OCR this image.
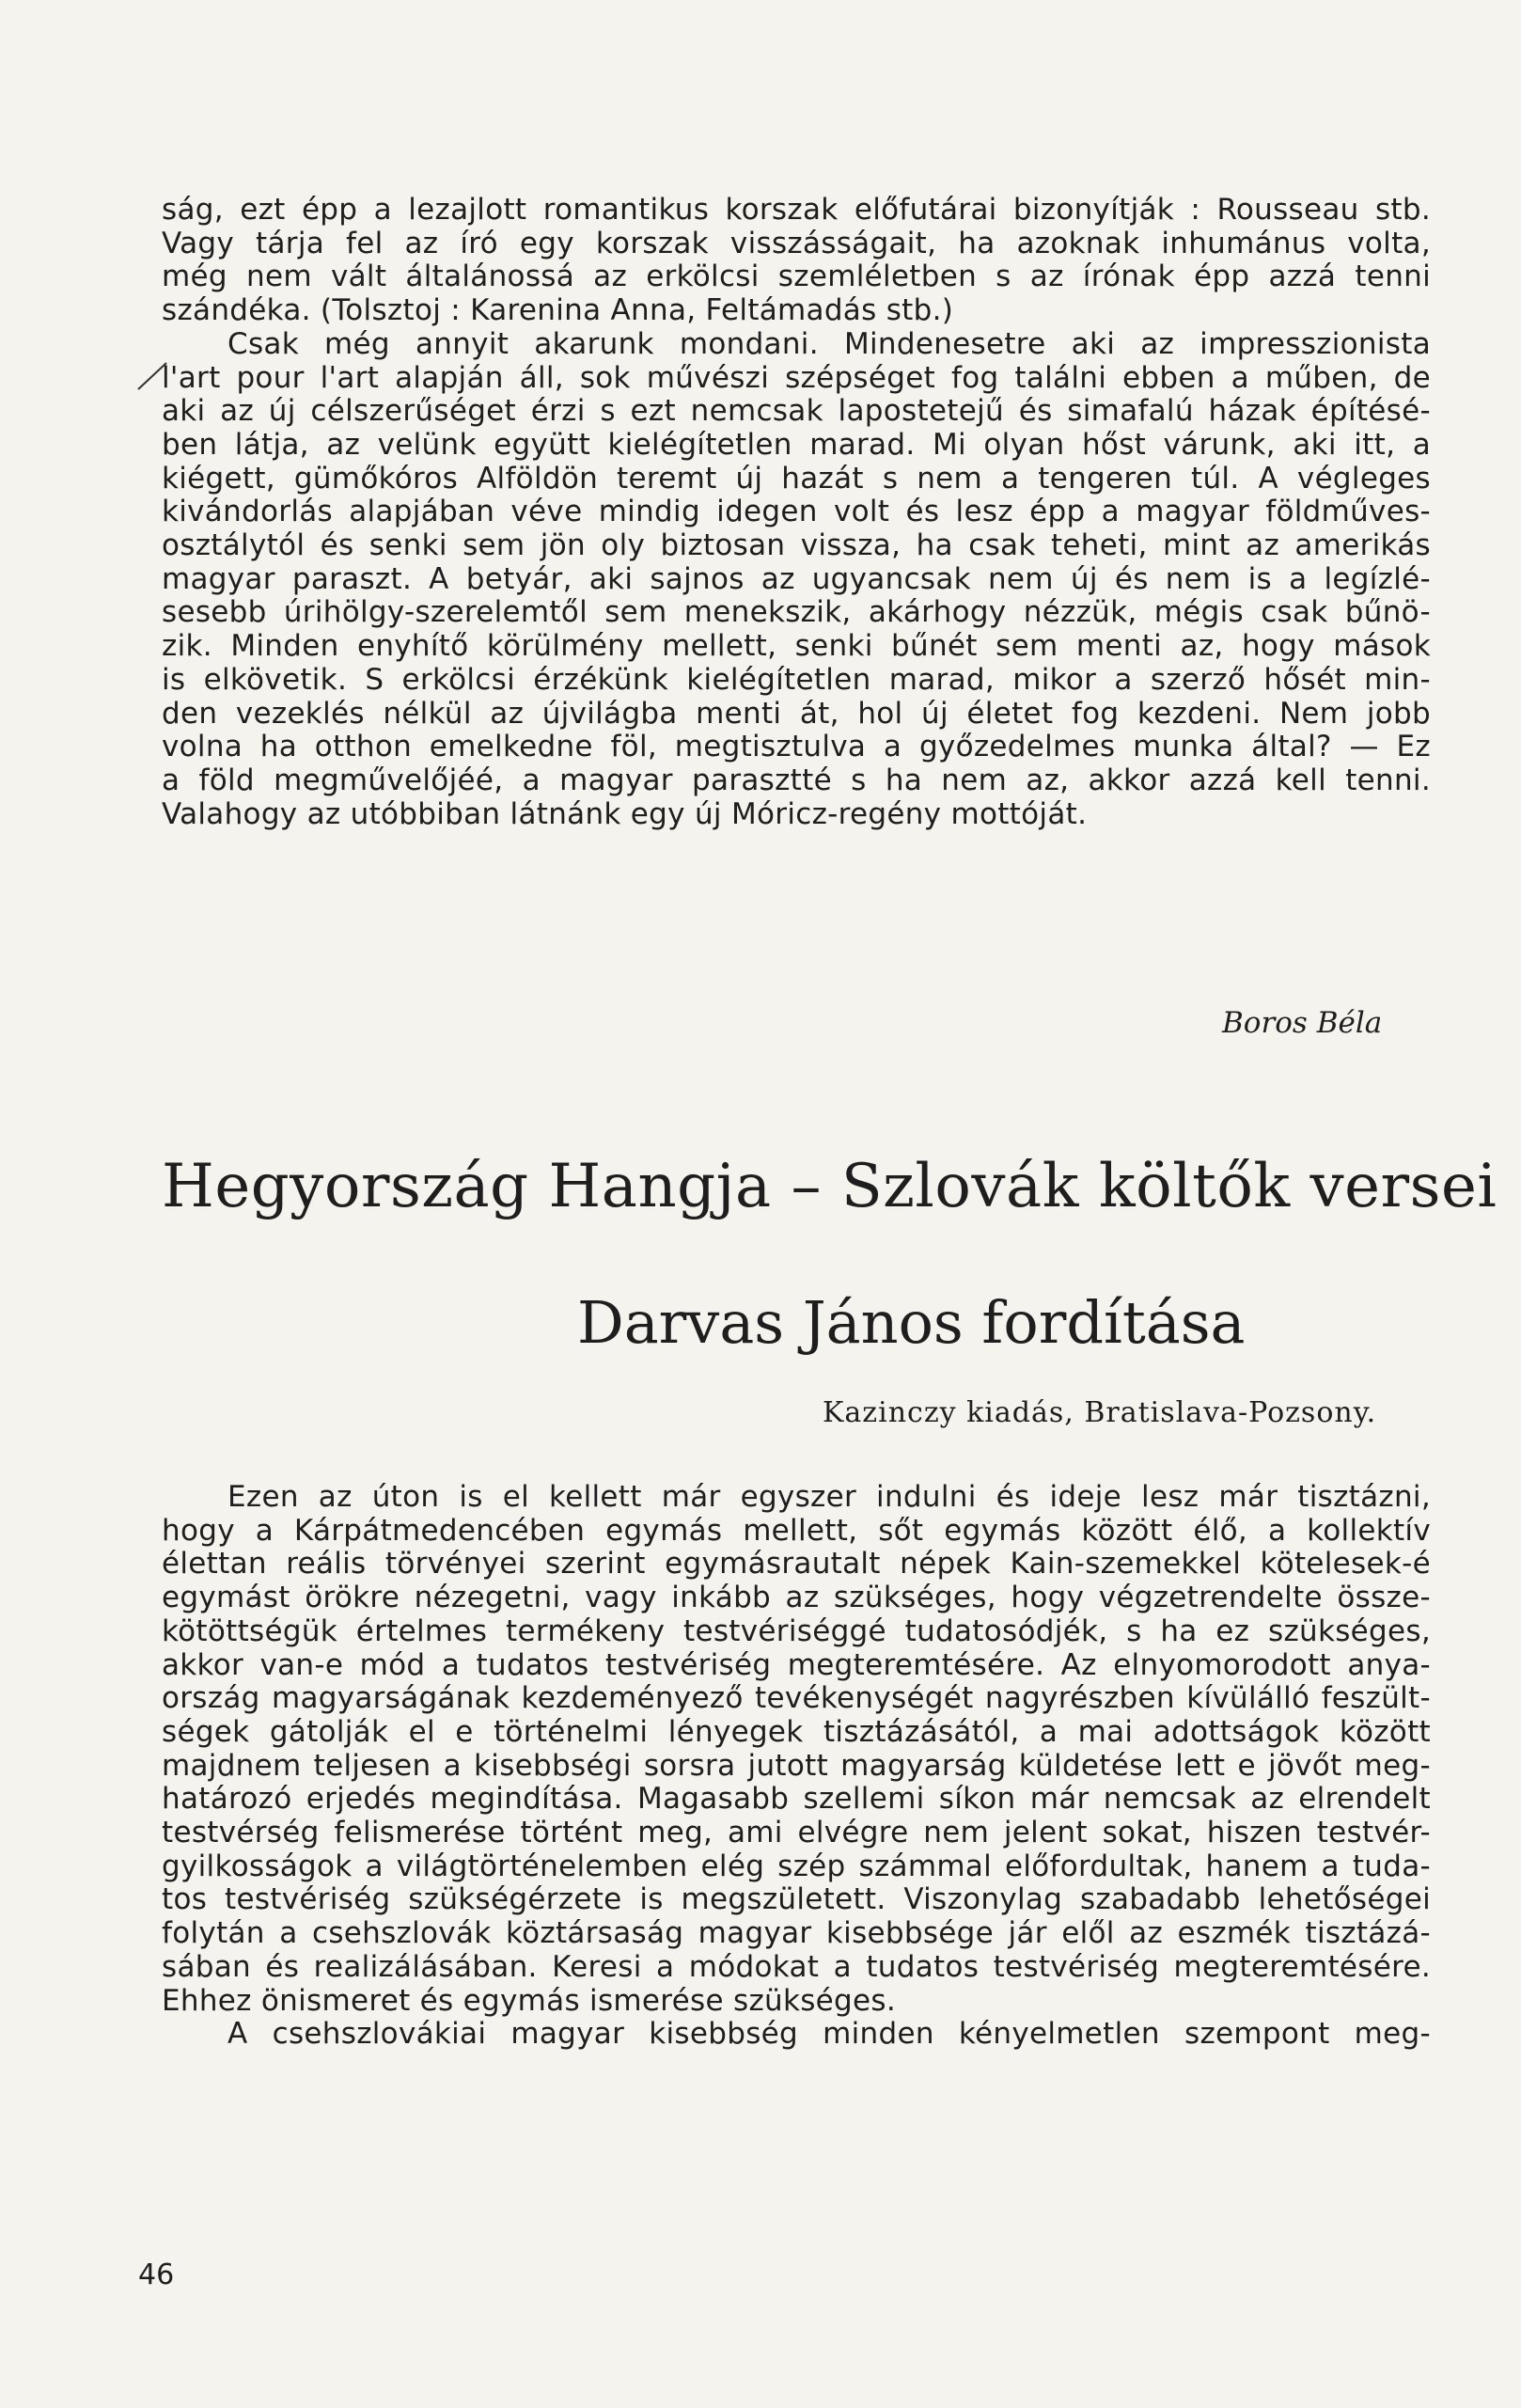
ság, ezt épp a lezajlott romantikus korszak előfutárai bizonyítják : Rousseau stb.
Vagy tárja fel az író egy korszak visszásságait, ha azoknak inhumánus volta,
még nem vált általánossá az erkölcsi szemléletben s az írónak épp azzá tenni
szándéka. (Tolsztoj : Karenina Anna, Feltámadás stb.)
Csak még annyit akarunk mondani. Mindenesetre aki az impresszionista
l'art pour l'art alapján áll, sok művészi szépséget fog találni ebben a műben, de
aki az új célszerűséget érzi s ezt nemcsak lapostetejű és simafalú házak építésé-
ben látja, az velünk együtt kielégítetlen marad. Mi olyan hőst várunk, aki itt, a
kiégett, gümőkóros Alföldön teremt új hazát s nem a tengeren túl. A végleges
kivándorlás alapjában véve mindig idegen volt és lesz épp a magyar földműves-
osztálytól és senki sem jön oly biztosan vissza, ha csak teheti, mint az amerikás
magyar paraszt. A betyár, aki sajnos az ugyancsak nem új és nem is a legízlé-
sesebb úrihölgy-szerelemtől sem menekszik, akárhogy nézzük, mégis csak bűnö-
zik. Minden enyhítő körülmény mellett, senki bűnét sem menti az, hogy mások
is elkövetik. S erkölcsi érzékünk kielégítetlen marad, mikor a szerző hősét min-
den vezeklés nélkül az újvilágba menti át, hol új életet fog kezdeni. Nem jobb
volna ha otthon emelkedne föl, megtisztulva a győzedelmes munka által? — Ez
a föld megművelőjéé, a magyar parasztté s ha nem az, akkor azzá kell tenni.
Valahogy az utóbbiban látnánk egy új Móricz-regény mottóját.
Boros Béla
Hegyország Hangja – Szlovák költők versei
Darvas János fordítása
Kazinczy kiadás, Bratislava-Pozsony.
Ezen az úton is el kellett már egyszer indulni és ideje lesz már tisztázni,
hogy a Kárpátmedencében egymás mellett, sőt egymás között élő, a kollektív
élettan reális törvényei szerint egymásrautalt népek Kain-szemekkel kötelesek-é
egymást örökre nézegetni, vagy inkább az szükséges, hogy végzetrendelte össze-
kötöttségük értelmes termékeny testvériséggé tudatosódjék, s ha ez szükséges,
akkor van-e mód a tudatos testvériség megteremtésére. Az elnyomorodott anya-
ország magyarságának kezdeményező tevékenységét nagyrészben kívülálló feszült-
ségek gátolják el e történelmi lényegek tisztázásától, a mai adottságok között
majdnem teljesen a kisebbségi sorsra jutott magyarság küldetése lett e jövőt meg-
határozó erjedés megindítása. Magasabb szellemi síkon már nemcsak az elrendelt
testvérség felismerése történt meg, ami elvégre nem jelent sokat, hiszen testvér-
gyilkosságok a világtörténelemben elég szép számmal előfordultak, hanem a tuda-
tos testvériség szükségérzete is megszületett. Viszonylag szabadabb lehetőségei
folytán a csehszlovák köztársaság magyar kisebbsége jár elől az eszmék tisztázá-
sában és realizálásában. Keresi a módokat a tudatos testvériség megteremtésére.
Ehhez önismeret és egymás ismerése szükséges.
A csehszlovákiai magyar kisebbség minden kényelmetlen szempont meg-
46
